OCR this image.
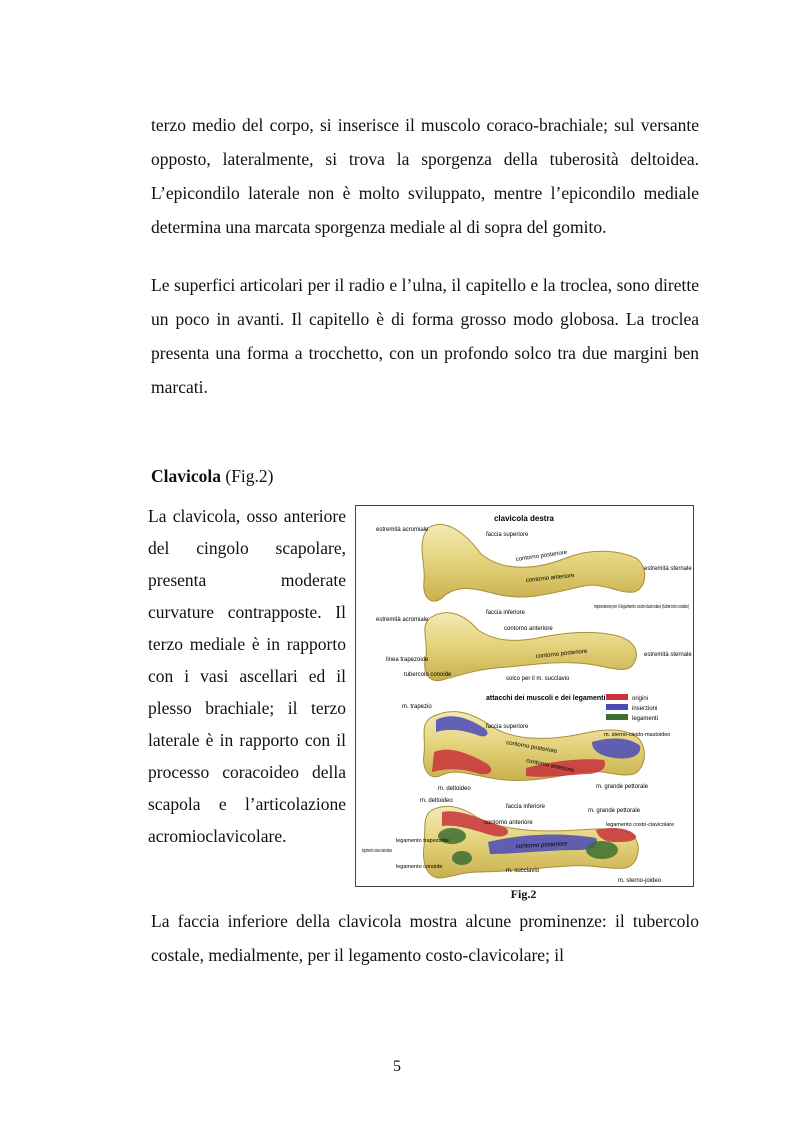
terzo medio del corpo, si inserisce il muscolo coraco-brachiale; sul versante opposto, lateralmente, si trova la sporgenza della tuberosità deltoidea. L’epicondilo laterale non è molto sviluppato, mentre l’epicondilo mediale determina una marcata sporgenza mediale al di sopra del gomito.

Le superfici articolari per il radio e l’ulna, il capitello e la troclea, sono dirette un poco in avanti. Il capitello è di forma grosso modo globosa. La troclea presenta una forma a trocchetto, con un profondo solco tra due margini ben marcati.

Clavicola (Fig.2)

La clavicola, osso anteriore del cingolo scapolare, presenta moderate curvature contrapposte. Il terzo mediale è in rapporto con i vasi ascellari ed il plesso brachiale; il terzo laterale è in rapporto con il processo coracoideo della scapola e l’articolazione acromioclavicolare.

clavicola destra
estremità acromiale
faccia superiore
contorno posteriore
contorno anteriore
estremità sternale
estremità acromiale
faccia inferiore
impressione per il legamento costo-clavicolare (tubercolo costale)
contorno anteriore
linea trapezoide
contorno posteriore	estremità sternale
tubercolo conoide
solco per il m. succlavio
attacchi dei muscoli e dei legamenti	origini
inserzioni
legamenti
m. trapezio
faccia superiore
contorno posteriore
m. sterno-cleido-mastoideo
m. deltoideo
contorno anteriore
m. grande pettorale
m. deltoideo
faccia inferiore
contorno anteriore
m. grande pettorale
legamento costo-clavicolare
legamento trapezoide
legamento coraco-clavicolare
contorno posteriore
legamento conoide
m. succlavio
m. sterno-joideo

Fig.2

La faccia inferiore della clavicola mostra alcune prominenze: il tubercolo costale, medialmente, per il legamento costo-clavicolare; il

5
